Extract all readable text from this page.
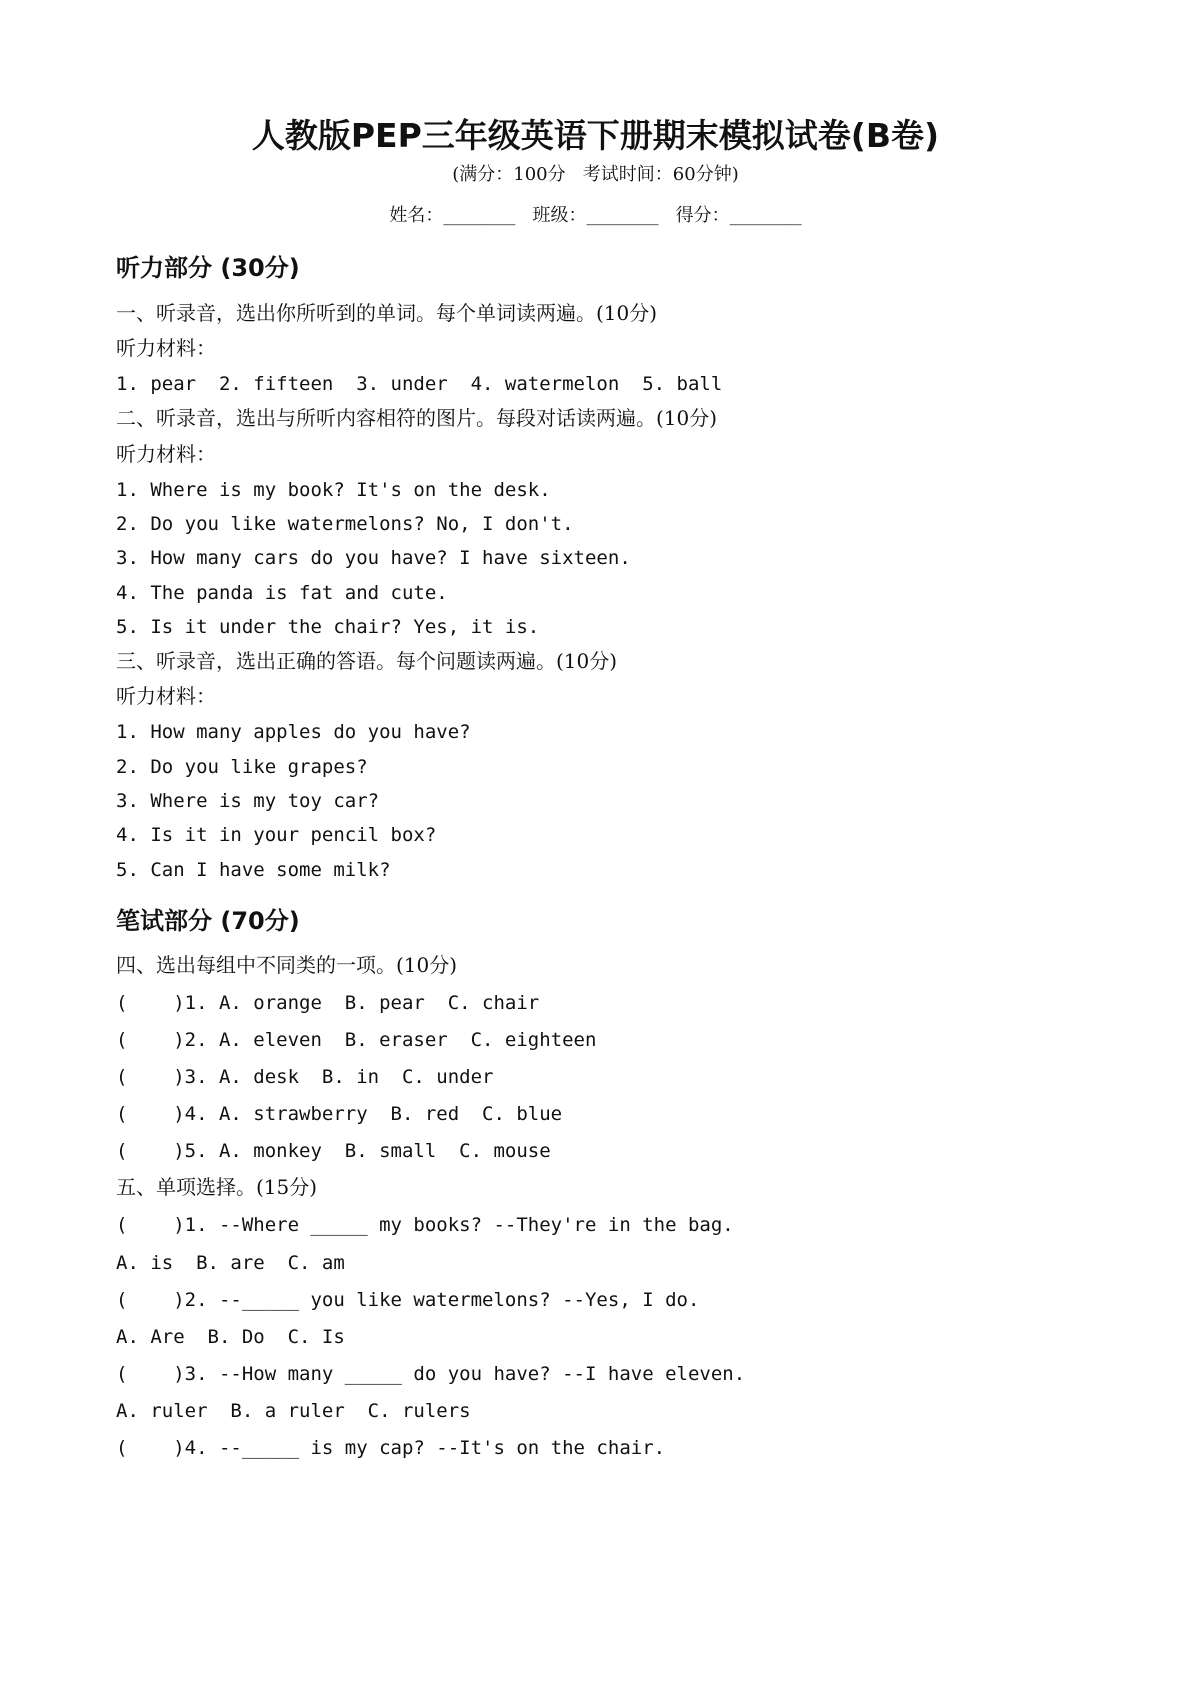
人教版PEP三年级英语下册期末模拟试卷(B卷)
(满分：100分   考试时间：60分钟)
姓名：________   班级：________   得分：________
听力部分 (30分)
一、听录音，选出你所听到的单词。每个单词读两遍。(10分)
听力材料：
1. pear  2. fifteen  3. under  4. watermelon  5. ball
二、听录音，选出与所听内容相符的图片。每段对话读两遍。(10分)
听力材料：
1. Where is my book? It's on the desk.
2. Do you like watermelons? No, I don't.
3. How many cars do you have? I have sixteen.
4. The panda is fat and cute.
5. Is it under the chair? Yes, it is.
三、听录音，选出正确的答语。每个问题读两遍。(10分)
听力材料：
1. How many apples do you have?
2. Do you like grapes?
3. Where is my toy car?
4. Is it in your pencil box?
5. Can I have some milk?
笔试部分 (70分)
四、选出每组中不同类的一项。(10分)
(    )1. A. orange  B. pear  C. chair
(    )2. A. eleven  B. eraser  C. eighteen
(    )3. A. desk  B. in  C. under
(    )4. A. strawberry  B. red  C. blue
(    )5. A. monkey  B. small  C. mouse
五、单项选择。(15分)
(    )1. --Where _____ my books? --They're in the bag.
A. is  B. are  C. am
(    )2. --_____ you like watermelons? --Yes, I do.
A. Are  B. Do  C. Is
(    )3. --How many _____ do you have? --I have eleven.
A. ruler  B. a ruler  C. rulers
(    )4. --_____ is my cap? --It's on the chair.
